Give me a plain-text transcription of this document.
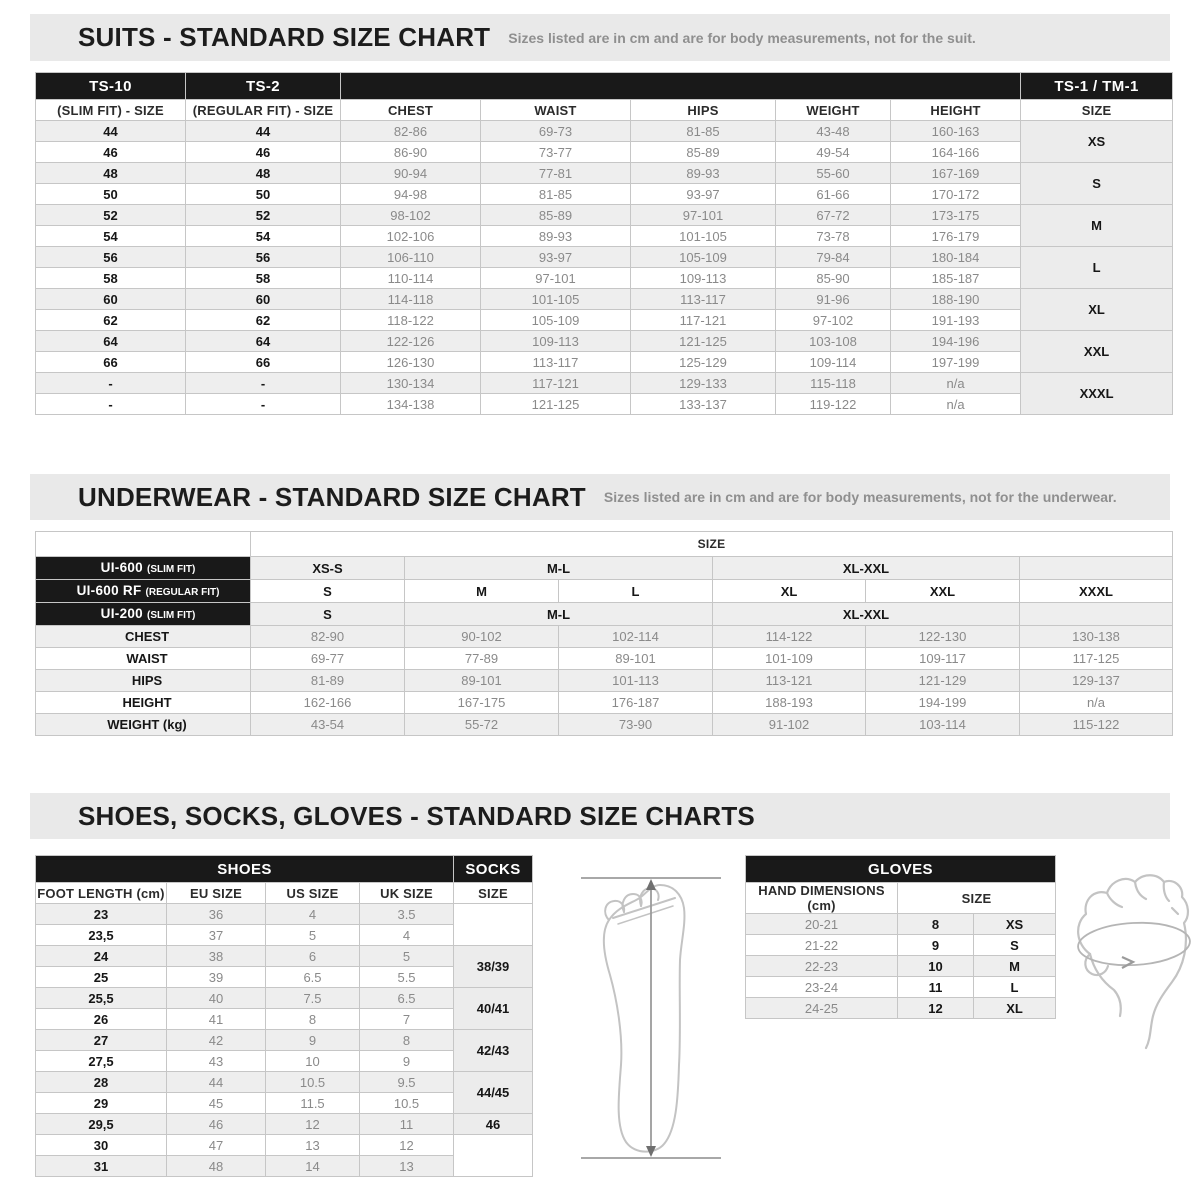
SUITS - STANDARD SIZE CHART Sizes listed are in cm and are for body measurements, not for the suit.
TS-10	TS-2						TS-1 / TM-1
(SLIM FIT) - SIZE	(REGULAR FIT) - SIZE	CHEST	WAIST	HIPS	WEIGHT	HEIGHT	SIZE
44	44	82-86	69-73	81-85	43-48	160-163	XS
46	46	86-90	73-77	85-89	49-54	164-166	
48	48	90-94	77-81	89-93	55-60	167-169	S
50	50	94-98	81-85	93-97	61-66	170-172	
52	52	98-102	85-89	97-101	67-72	173-175	M
54	54	102-106	89-93	101-105	73-78	176-179	
56	56	106-110	93-97	105-109	79-84	180-184	L
58	58	110-114	97-101	109-113	85-90	185-187	
60	60	114-118	101-105	113-117	91-96	188-190	XL
62	62	118-122	105-109	117-121	97-102	191-193	
64	64	122-126	109-113	121-125	103-108	194-196	XXL
66	66	126-130	113-117	125-129	109-114	197-199	
-	-	130-134	117-121	129-133	115-118	n/a	XXXL
-	-	134-138	121-125	133-137	119-122	n/a	
UNDERWEAR - STANDARD SIZE CHART Sizes listed are in cm and are for body measurements, not for the underwear.
	SIZE					
UI-600 (SLIM FIT)	XS-S	M-L		XL-XXL		
UI-600 RF (REGULAR FIT)	S	M	L	XL	XXL	XXXL
UI-200 (SLIM FIT)	S	M-L		XL-XXL		
CHEST	82-90	90-102	102-114	114-122	122-130	130-138
WAIST	69-77	77-89	89-101	101-109	109-117	117-125
HIPS	81-89	89-101	101-113	113-121	121-129	129-137
HEIGHT	162-166	167-175	176-187	188-193	194-199	n/a
WEIGHT (kg)	43-54	55-72	73-90	91-102	103-114	115-122
SHOES, SOCKS, GLOVES - STANDARD SIZE CHARTS
SHOES				SOCKS
FOOT LENGTH (cm)	EU SIZE	US SIZE	UK SIZE	SIZE
23	36	4	3.5	
23,5	37	5	4	
24	38	6	5	38/39
25	39	6.5	5.5	
25,5	40	7.5	6.5	40/41
26	41	8	7	
27	42	9	8	42/43
27,5	43	10	9	
28	44	10.5	9.5	44/45
29	45	11.5	10.5	
29,5	46	12	11	46
30	47	13	12	
31	48	14	13	
GLOVES		
HAND DIMENSIONS (cm)	SIZE	
20-21	8	XS
21-22	9	S
22-23	10	M
23-24	11	L
24-25	12	XL
